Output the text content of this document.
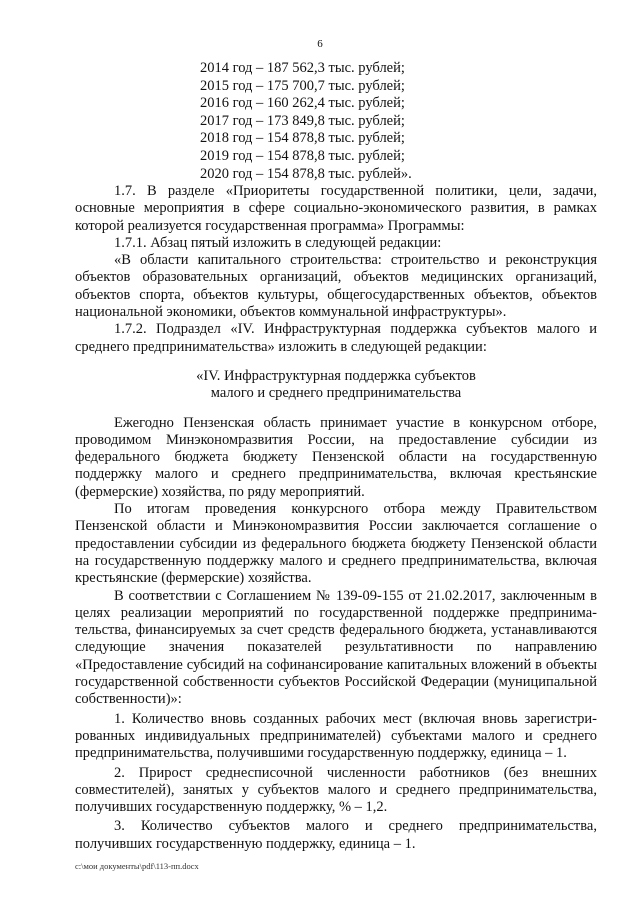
6
2014 год – 187 562,3 тыс. рублей;
2015 год – 175 700,7 тыс. рублей;
2016 год – 160 262,4 тыс. рублей;
2017 год – 173 849,8 тыс. рублей;
2018 год – 154 878,8 тыс. рублей;
2019 год – 154 878,8 тыс. рублей;
2020 год – 154 878,8 тыс. рублей».

1.7. В разделе «Приоритеты государственной политики, цели, задачи, основные мероприятия в сфере социально-экономического развития, в рамках которой реализуется государственная программа» Программы:

1.7.1. Абзац пятый изложить в следующей редакции:

«В области капитального строительства: строительство и реконструкция объектов образовательных организаций, объектов медицинских организаций, объектов спорта, объектов культуры, общегосударственных объектов, объектов национальной экономики, объектов коммунальной инфраструктуры».

1.7.2. Подраздел «IV. Инфраструктурная поддержка субъектов малого и среднего предпринимательства» изложить в следующей редакции:

«IV. Инфраструктурная поддержка субъектов
малого и среднего предпринимательства

Ежегодно Пензенская область принимает участие в конкурсном отборе, проводимом Минэкономразвития России, на предоставление субсидии из федерального бюджета бюджету Пензенской области на государственную поддержку малого и среднего предпринимательства, включая крестьянские (фермерские) хозяйства, по ряду мероприятий.

По итогам проведения конкурсного отбора между Правительством Пензенской области и Минэкономразвития России заключается соглашение о предоставлении субсидии из федерального бюджета бюджету Пензенской области на государственную поддержку малого и среднего предпринимательства, включая крестьянские (фермерские) хозяйства.

В соответствии с Соглашением № 139-09-155 от 21.02.2017, заключенным в целях реализации мероприятий по государственной поддержке предпринимательства, финансируемых за счет средств федерального бюджета, устанавливаются следующие значения показателей результативности по направлению «Предоставление субсидий на софинансирование капитальных вложений в объекты государственной собственности субъектов Российской Федерации (муниципальной собственности)»:

1. Количество вновь созданных рабочих мест (включая вновь зарегистрированных индивидуальных предпринимателей) субъектами малого и среднего предпринимательства, получившими государственную поддержку, единица – 1.

2. Прирост среднесписочной численности работников (без внешних совместителей), занятых у субъектов малого и среднего предпринимательства, получивших государственную поддержку, % – 1,2.

3. Количество субъектов малого и среднего предпринимательства, получивших государственную поддержку, единица – 1.

c:\мои документы\pdf\113-пп.docx
